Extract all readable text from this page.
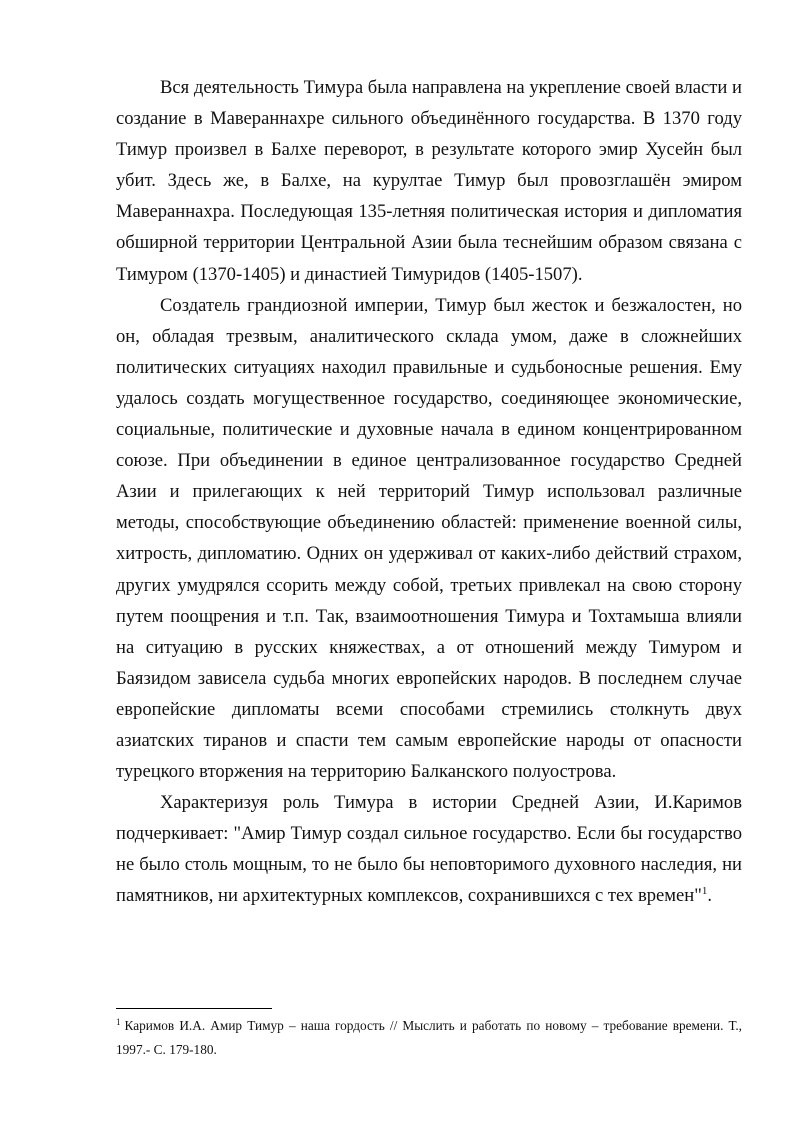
Вся деятельность Тимура была направлена на укрепление своей власти и создание в Мавераннахре сильного объединённого государства. В 1370 году Тимур произвел в Балхе переворот, в результате которого эмир Хусейн был убит. Здесь же, в Балхе, на курултае Тимур был провозглашён эмиром Мавераннахра. Последующая 135-летняя политическая история и дипломатия обширной территории Центральной Азии была теснейшим образом связана с Тимуром (1370-1405) и династией Тимуридов (1405-1507).

Создатель грандиозной империи, Тимур был жесток и безжалостен, но он, обладая трезвым, аналитического склада умом, даже в сложнейших политических ситуациях находил правильные и судьбоносные решения. Ему удалось создать могущественное государство, соединяющее экономические, социальные, политические и духовные начала в едином концентрированном союзе. При объединении в единое централизованное государство Средней Азии и прилегающих к ней территорий Тимур использовал различные методы, способствующие объединению областей: применение военной силы, хитрость, дипломатию. Одних он удерживал от каких-либо действий страхом, других умудрялся ссорить между собой, третьих привлекал на свою сторону путем поощрения и т.п. Так, взаимоотношения Тимура и Тохтамыша влияли на ситуацию в русских княжествах, а от отношений между Тимуром и Баязидом зависела судьба многих европейских народов. В последнем случае европейские дипломаты всеми способами стремились столкнуть двух азиатских тиранов и спасти тем самым европейские народы от опасности турецкого вторжения на территорию Балканского полуострова.

Характеризуя роль Тимура в истории Средней Азии, И.Каримов подчеркивает: "Амир Тимур создал сильное государство. Если бы государство не было столь мощным, то не было бы неповторимого духовного наследия, ни памятников, ни архитектурных комплексов, сохранившихся с тех времен"$^1$.

$^1$ Каримов И.А. Амир Тимур – наша гордость // Мыслить и работать по новому – требование времени. Т., 1997.- С. 179-180.
